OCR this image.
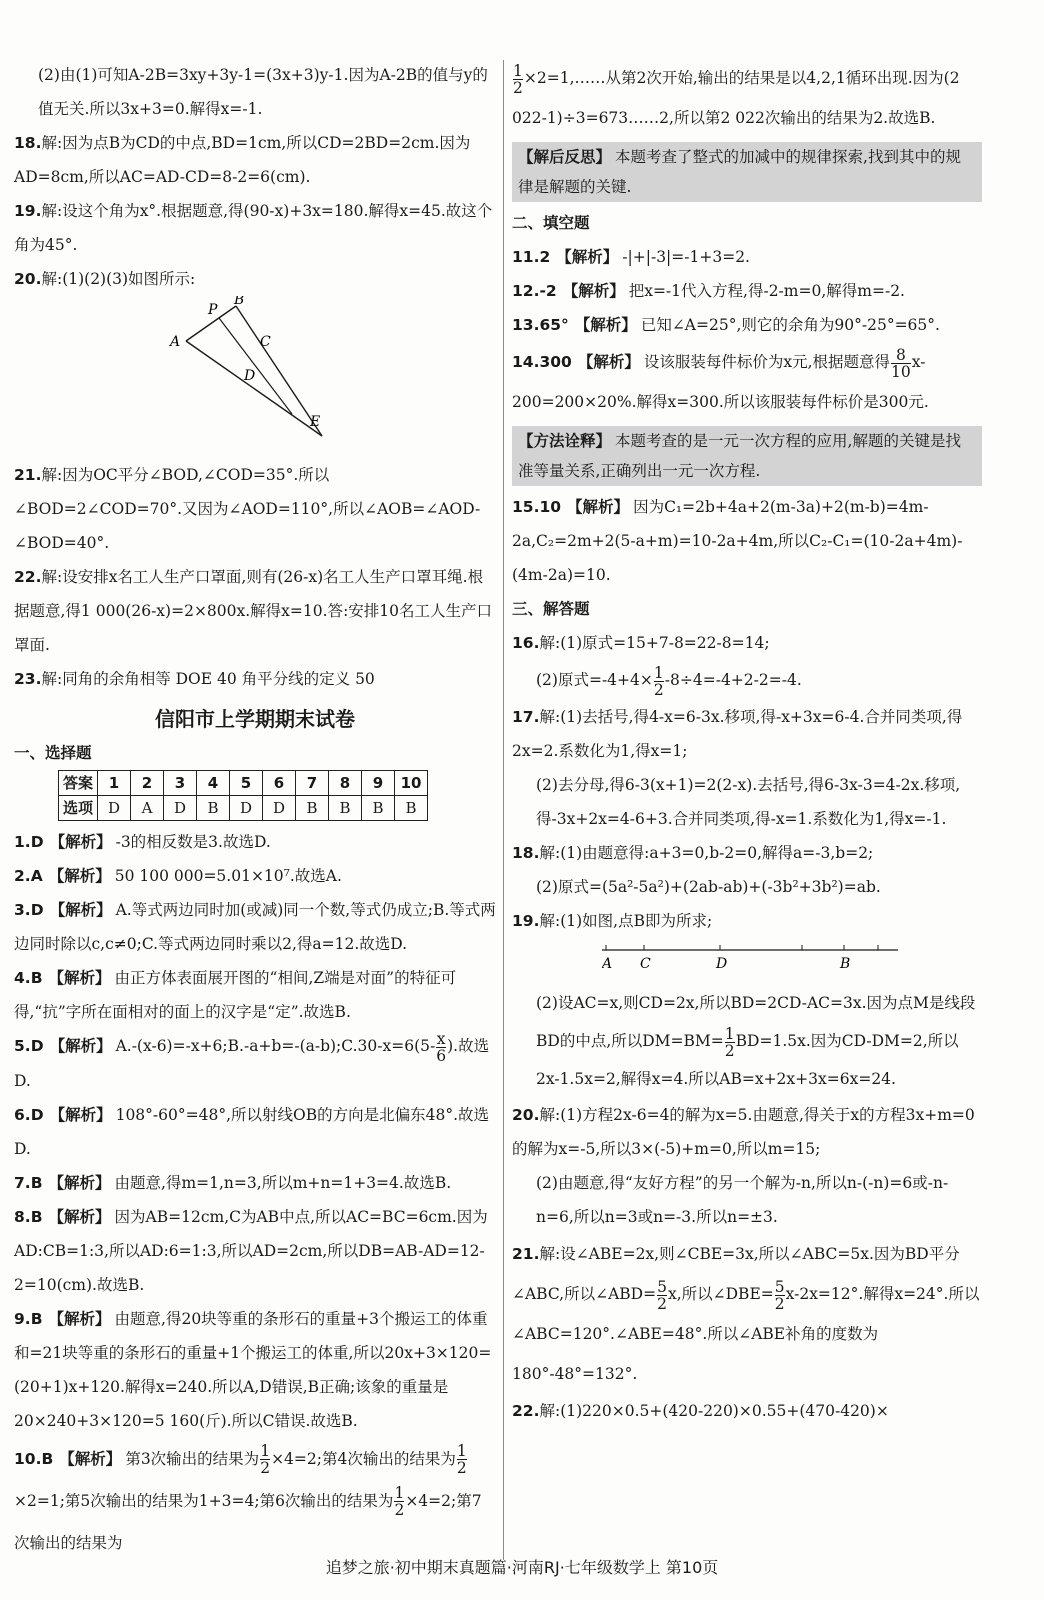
(2)由(1)可知A-2B=3xy+3y-1=(3x+3)y-1.因为A-2B的值与y的值无关.所以3x+3=0.解得x=-1.

18.解:因为点B为CD的中点,BD=1cm,所以CD=2BD=2cm.因为AD=8cm,所以AC=AD-CD=8-2=6(cm).

19.解:设这个角为x°.根据题意,得(90-x)+3x=180.解得x=45.故这个角为45°.

20.解:(1)(2)(3)如图所示:

A
P
B
C
D
E

21.解:因为OC平分∠BOD,∠COD=35°.所以∠BOD=2∠COD=70°.又因为∠AOD=110°,所以∠AOB=∠AOD-∠BOD=40°.

22.解:设安排x名工人生产口罩面,则有(26-x)名工人生产口罩耳绳.根据题意,得1 000(26-x)=2×800x.解得x=10.答:安排10名工人生产口罩面.

23.解:同角的余角相等 DOE 40 角平分线的定义 50

信阳市上学期期末试卷

一、选择题

答案	1	2	3	4	5	6	7	8	9	10
选项	D	A	D	B	D	D	B	B	B	B

1.D 【解析】 -3的相反数是3.故选D.

2.A 【解析】 50 100 000=5.01×10⁷.故选A.

3.D 【解析】 A.等式两边同时加(或减)同一个数,等式仍成立;B.等式两边同时除以c,c≠0;C.等式两边同时乘以2,得a=12.故选D.

4.B 【解析】 由正方体表面展开图的“相间,Z端是对面”的特征可得,“抗”字所在面相对的面上的汉字是“定”.故选B.

5.D 【解析】 A.-(x-6)=-x+6;B.-a+b=-(a-b);C.30-x=6(5- $\frac{x}{6}$ ).故选D.

6.D 【解析】 108°-60°=48°,所以射线OB的方向是北偏东48°.故选D.

7.B 【解析】 由题意,得m=1,n=3,所以m+n=1+3=4.故选B.

8.B 【解析】 因为AB=12cm,C为AB中点,所以AC=BC=6cm.因为AD:CB=1:3,所以AD:6=1:3,所以AD=2cm,所以DB=AB-AD=12-2=10(cm).故选B.

9.B 【解析】 由题意,得20块等重的条形石的重量+3个搬运工的体重和=21块等重的条形石的重量+1个搬运工的体重,所以20x+3×120=(20+1)x+120.解得x=240.所以A,D错误,B正确;该象的重量是20×240+3×120=5 160(斤).所以C错误.故选B.

10.B 【解析】 第3次输出的结果为 $\frac{1}{2} \times 4=2$;第4次输出的结果为 $\frac{1}{2}$
×2=1;第5次输出的结果为1+3=4;第6次输出的结果为 $\frac{1}{2} \times 4=2$;第7次输出的结果为

$\frac{1}{2}$ ×2=1,……从第2次开始,输出的结果是以4,2,1循环出现.因为(2 022-1)÷3=673……2,所以第2 022次输出的结果为2.故选B.

【解后反思】 本题考查了整式的加减中的规律探索,找到其中的规律是解题的关键.

二、填空题

11.2 【解析】 -|+|-3|=-1+3=2.

12.-2 【解析】 把x=-1代入方程,得-2-m=0,解得m=-2.

13.65° 【解析】 已知∠A=25°,则它的余角为90°-25°=65°.

14.300 【解析】 设该服装每件标价为x元,根据题意得 $\frac{8}{10} x-200=200\times 20\%$.解得x=300.所以该服装每件标价是300元.

【方法诠释】 本题考查的是一元一次方程的应用,解题的关键是找准等量关系,正确列出一元一次方程.

15.10 【解析】 因为C₁=2b+4a+2(m-3a)+2(m-b)=4m-2a,C₂=2m+2(5-a+m)=10-2a+4m,所以C₂-C₁=(10-2a+4m)-(4m-2a)=10.

三、解答题

16.解:(1)原式=15+7-8=22-8=14;

(2)原式$=-4+4\times \frac{1}{2} -8\div 4=-4+2-2=-4$.

17.解:(1)去括号,得4-x=6-3x.移项,得-x+3x=6-4.合并同类项,得2x=2.系数化为1,得x=1;

(2)去分母,得6-3(x+1)=2(2-x).去括号,得6-3x-3=4-2x.移项,得-3x+2x=4-6+3.合并同类项,得-x=1.系数化为1,得x=-1.

18.解:(1)由题意得:a+3=0,b-2=0,解得a=-3,b=2;

(2)原式=(5a²-5a²)+(2ab-ab)+(-3b²+3b²)=ab.

19.解:(1)如图,点B即为所求;

A C	D	B

(2)设AC=x,则CD=2x,所以BD=2CD-AC=3x.因为点M是线段BD的中点,所以$DM=BM= \frac{1}{2} BD=1.5x$.因为CD-DM=2,所以2x-1.5x=2,解得x=4.所以AB=x+2x+3x=6x=24.

20.解:(1)方程2x-6=4的解为x=5.由题意,得关于x的方程3x+m=0的解为x=-5,所以3×(-5)+m=0,所以m=15;

(2)由题意,得“友好方程”的另一个解为-n,所以n-(-n)=6或-n-n=6,所以n=3或n=-3.所以n=±3.

21.解:设∠ABE=2x,则∠CBE=3x,所以∠ABC=5x.因为BD平分∠ABC,所以∠ABD= $\frac{5}{2} x$,所以∠DBE= $\frac{5}{2} x-2x=12^\circ$.解得x=24°.所以∠ABC=120°.∠ABE=48°.所以∠ABE补角的度数为180°-48°=132°.

22.解:(1)220×0.5+(420-220)×0.55+(470-420)×

追梦之旅·初中期末真题篇·河南RJ·七年级数学上 第10页
